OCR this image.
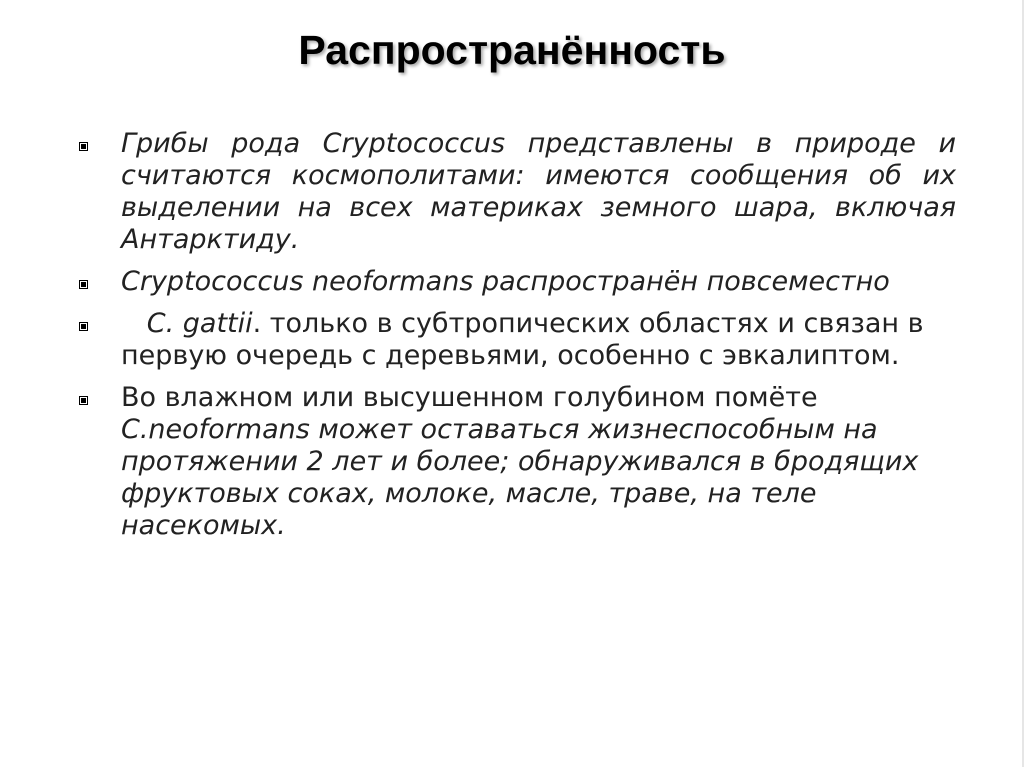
Распространённость
Грибы рода Cryptococcus представлены в природе и считаются космополитами: имеются сообщения об их выделении на всех материках земного шара, включая Антарктиду.
Cryptococcus neoformans распространён повсеместно
C. gattii. только в субтропических областях и связан в первую очередь с деревьями, особенно с эвкалиптом.
Во влажном или высушенном голубином помёте C.neoformans может оставаться жизнеспособным на протяжении 2 лет и более; обнаруживался в бродящих фруктовых соках, молоке, масле, траве, на теле насекомых.
